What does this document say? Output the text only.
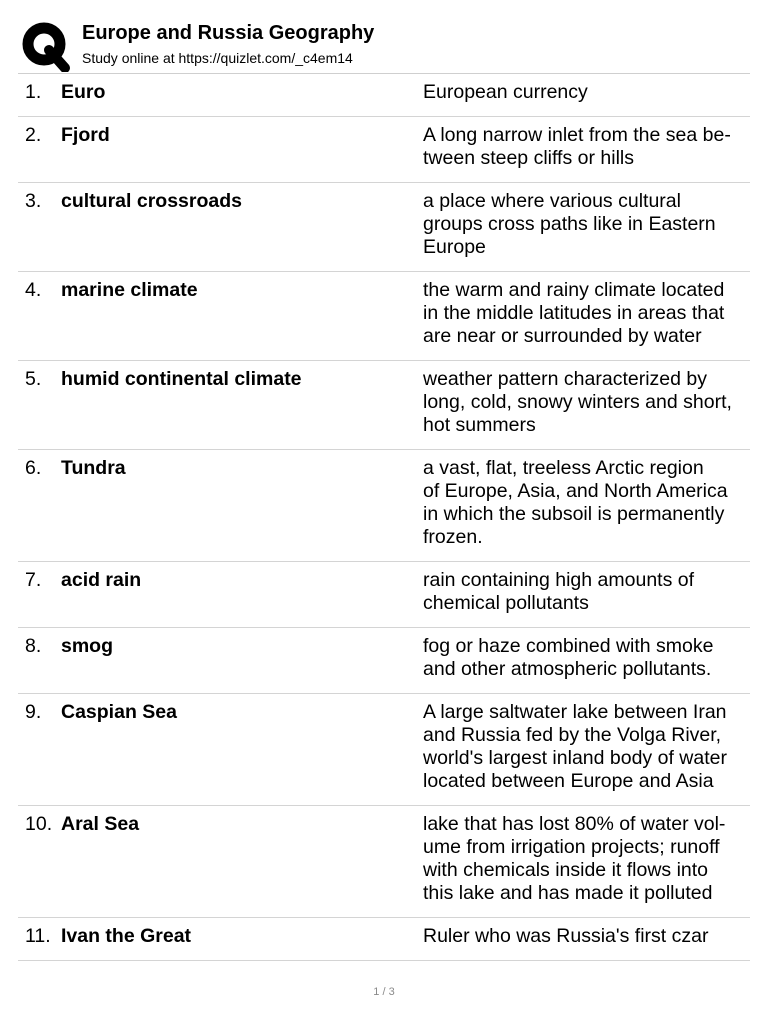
Europe and Russia Geography
Study online at https://quizlet.com/_c4em14
1. Euro	European currency
2. Fjord	A long narrow inlet from the sea be-
tween steep cliffs or hills
3. cultural crossroads	a place where various cultural
groups cross paths like in Eastern
Europe
4. marine climate	the warm and rainy climate located
in the middle latitudes in areas that
are near or surrounded by water
5. humid continental climate	weather pattern characterized by
long, cold, snowy winters and short,
hot summers
6. Tundra	a vast, flat, treeless Arctic region
of Europe, Asia, and North America
in which the subsoil is permanently
frozen.
7. acid rain	rain containing high amounts of
chemical pollutants
8. smog	fog or haze combined with smoke
and other atmospheric pollutants.
9. Caspian Sea	A large saltwater lake between Iran
and Russia fed by the Volga River,
world's largest inland body of water
located between Europe and Asia
10. Aral Sea	lake that has lost 80% of water vol-
ume from irrigation projects; runoff
with chemicals inside it flows into
this lake and has made it polluted
11. Ivan the Great	Ruler who was Russia's first czar
1 / 3
